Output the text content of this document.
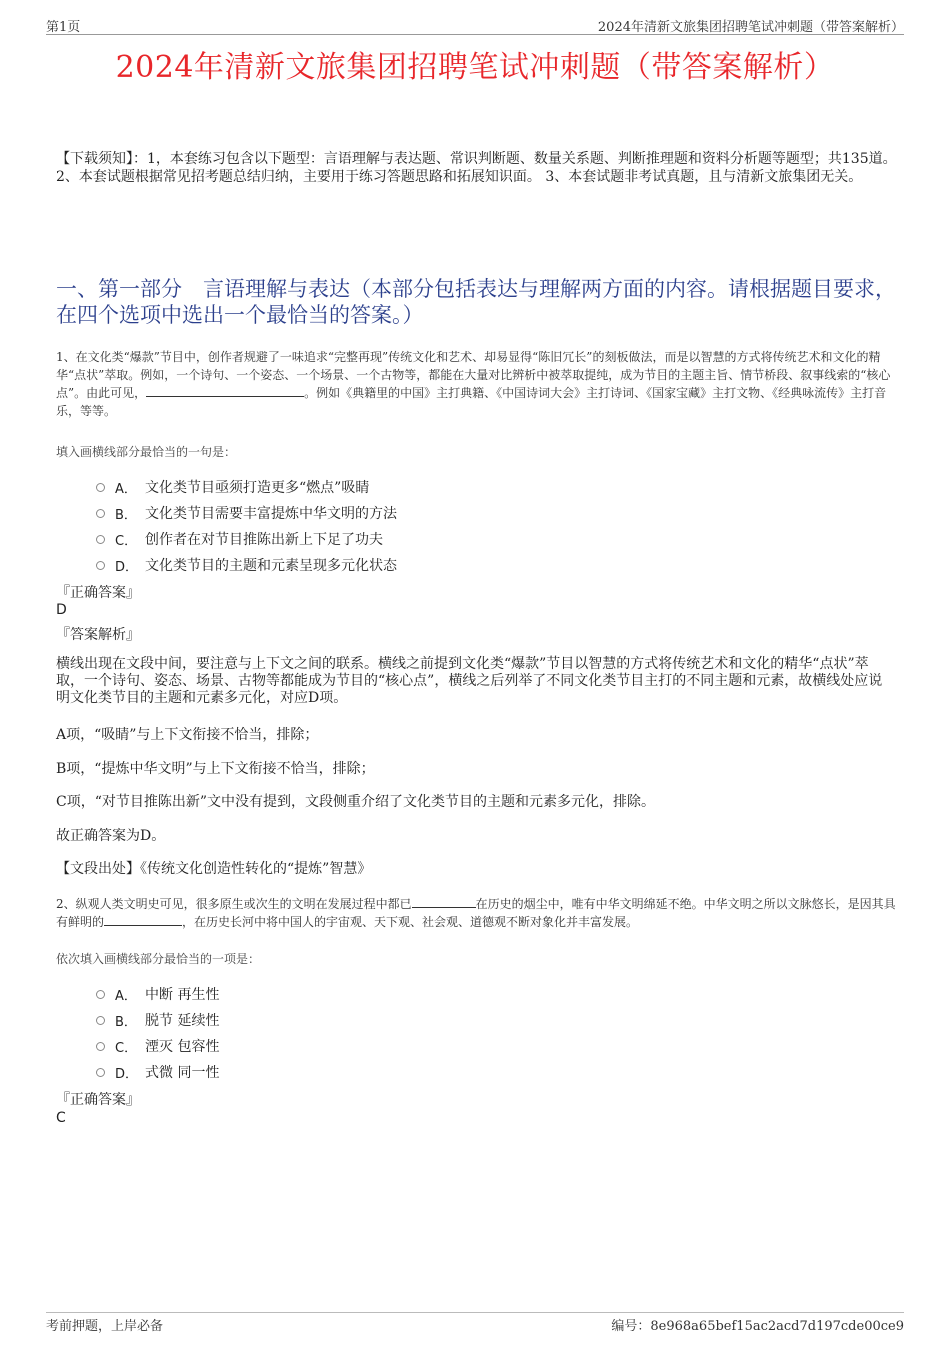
第1页	2024年清新文旅集团招聘笔试冲刺题（带答案解析）
2024年清新文旅集团招聘笔试冲刺题（带答案解析）
【下载须知】：1，本套练习包含以下题型：言语理解与表达题、常识判断题、数量关系题、判断推理题和资料分析题等题型；共135道。 2、本套试题根据常见招考题总结归纳，主要用于练习答题思路和拓展知识面。 3、本套试题非考试真题，且与清新文旅集团无关。
一、第一部分　言语理解与表达（本部分包括表达与理解两方面的内容。请根据题目要求，在四个选项中选出一个最恰当的答案。）
1、在文化类“爆款”节目中，创作者规避了一味追求“完整再现”传统文化和艺术、却易显得“陈旧冗长”的刻板做法，而是以智慧的方式将传统艺术和文化的精华“点状”萃取。例如，一个诗句、一个姿态、一个场景、一个古物等，都能在大量对比辨析中被萃取提纯，成为节目的主题主旨、情节桥段、叙事线索的“核心点”。由此可见，	。例如《典籍里的中国》主打典籍、《中国诗词大会》主打诗词、《国家宝藏》主打文物、《经典咏流传》主打音乐，等等。
填入画横线部分最恰当的一句是：
A． 文化类节目亟须打造更多“燃点”吸睛
B． 文化类节目需要丰富提炼中华文明的方法
C． 创作者在对节目推陈出新上下足了功夫
D． 文化类节目的主题和元素呈现多元化状态
『正确答案』
D
『答案解析』
横线出现在文段中间，要注意与上下文之间的联系。横线之前提到文化类“爆款”节目以智慧的方式将传统艺术和文化的精华“点状”萃取，一个诗句、姿态、场景、古物等都能成为节目的“核心点”，横线之后列举了不同文化类节目主打的不同主题和元素，故横线处应说明文化类节目的主题和元素多元化，对应D项。
A项，“吸睛”与上下文衔接不恰当，排除；
B项，“提炼中华文明”与上下文衔接不恰当，排除；
C项，“对节目推陈出新”文中没有提到，文段侧重介绍了文化类节目的主题和元素多元化，排除。
故正确答案为D。
【文段出处】《传统文化创造性转化的“提炼”智慧》
2、纵观人类文明史可见，很多原生或次生的文明在发展过程中都已	在历史的烟尘中，唯有中华文明绵延不绝。中华文明之所以文脉悠长，是因其具有鲜明的	，在历史长河中将中国人的宇宙观、天下观、社会观、道德观不断对象化并丰富发展。
依次填入画横线部分最恰当的一项是：
A． 中断 再生性
B． 脱节 延续性
C． 湮灭 包容性
D． 式微 同一性
『正确答案』
C
考前押题，上岸必备	编号：8e968a65bef15ac2acd7d197cde00ce9
